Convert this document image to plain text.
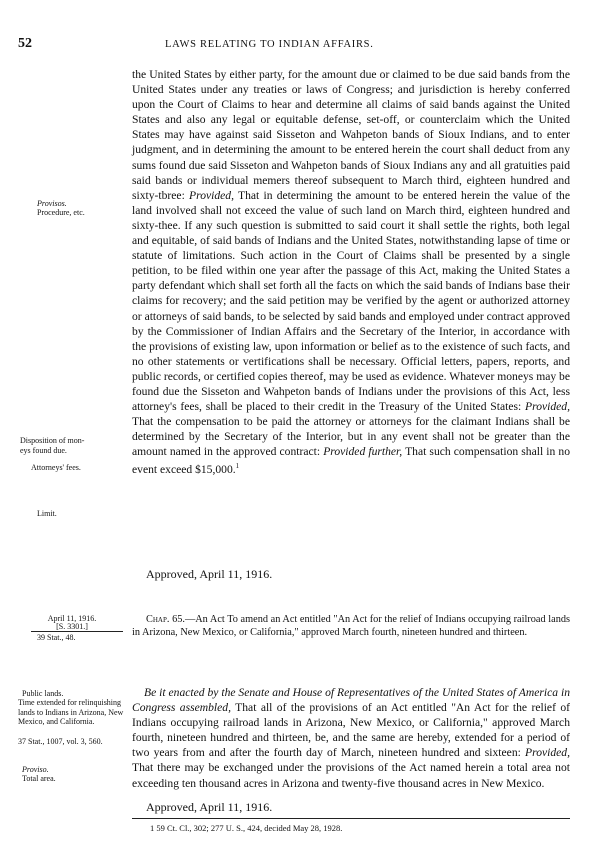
52	LAWS RELATING TO INDIAN AFFAIRS.

the United States by either party, for the amount due or claimed to be due said bands from the United States under any treaties or laws of Congress; and jurisdiction is hereby conferred upon the Court of Claims to hear and determine all claims of said bands against the United States and also any legal or equitable defense, set-off, or counterclaim which the United States may have against said Sisseton and Wahpeton bands of Sioux Indians, and to enter judgment, and in determining the amount to be entered herein the court shall deduct from any sums found due said Sisseton and Wahpeton bands of Sioux Indians any and all gratuities paid said bands or individual memers thereof subsequent to March third, eighteen hundred and sixty-tbree: Provided, That in determining the amount to be entered herein the value of the land involved shall not exceed the value of such land on March third, eighteen hundred and sixty-thee. If any such question is submitted to said court it shall settle the rights, both legal and equitable, of said bands of Indians and the United States, notwithstanding lapse of time or statute of limitations. Such action in the Court of Claims shall be presented by a single petition, to be filed within one year after the passage of this Act, making the United States a party defendant which shall set forth all the facts on which the said bands of Indians base their claims for recovery; and the said petition may be verified by the agent or authorized attorney or attorneys of said bands, to be selected by said bands and employed under contract approved by the Commissioner of Indian Affairs and the Secretary of the Interior, in accordance with the provisions of existing law, upon information or belief as to the existence of such facts, and no other statements or vertifications shall be necessary. Official letters, papers, reports, and public records, or certified copies thereof, may be used as evidence. Whatever moneys may be found due the Sisseton and Wahpeton bands of Indians under the provisions of this Act, less attorney's fees, shall be placed to their credit in the Treasury of the United States: Provided, That the compensation to be paid the attorney or attorneys for the claimant Indians shall be determined by the Secretary of the Interior, but in any event shall not be greater than the amount named in the approved contract: Provided further, That such compensation shall in no event exceed $15,000.$^1$

Approved, April 11, 1916.
Provisos.
Procedure, etc.
Disposition of mon-
eys found due.
Attorneys' fees.
Limit.
April 11, 1916.
[S. 3301.]
39 Stat., 48.

Chap. 65.—An Act To amend an Act entitled "An Act for the relief of Indians occupying railroad lands in Arizona, New Mexico, or California," approved March fourth, nineteen hundred and thirteen.

Public lands.
Time extended for relinquishing lands to Indians in Arizona, New Mexico, and California.
37 Stat., 1007, vol. 3, 560.
Proviso.
Total area.

Be it enacted by the Senate and House of Representatives of the United States of America in Congress assembled, That all of the provisions of an Act entitled "An Act for the relief of Indians occupying railroad lands in Arizona, New Mexico, or California," approved March fourth, nineteen hundred and thirteen, be, and the same are hereby, extended for a period of two years from and after the fourth day of March, nineteen hundred and sixteen: Provided, That there may be exchanged under the provisions of the Act named herein a total area not exceeding ten thousand acres in Arizona and twenty-five thousand acres in New Mexico.

Approved, April 11, 1916.
1 59 Ct. Cl., 302; 277 U. S., 424, decided May 28, 1928.
